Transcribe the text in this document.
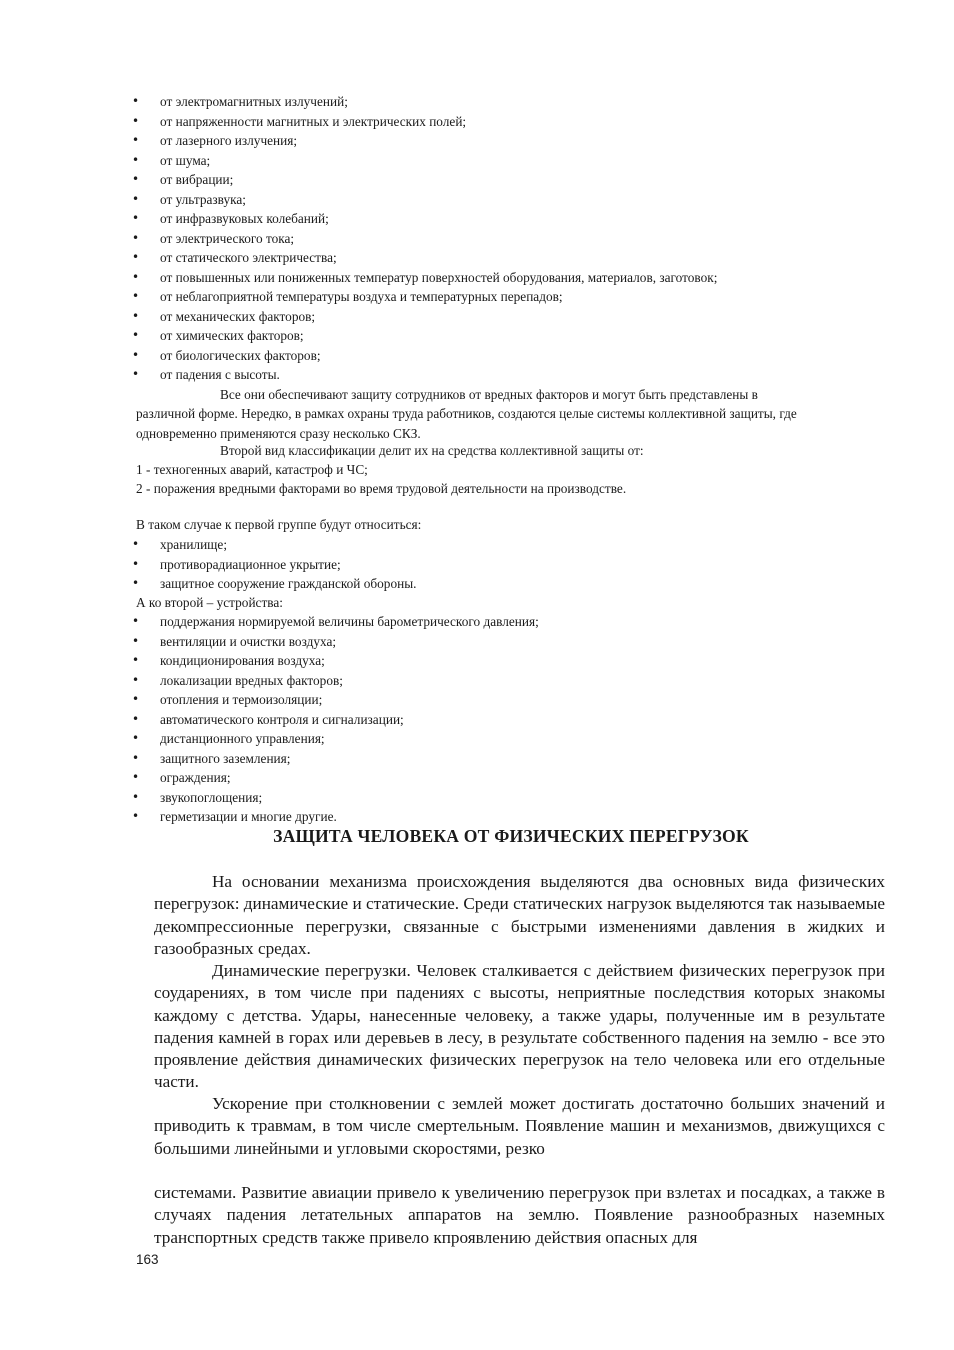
• от электромагнитных излучений;
• от напряженности магнитных и электрических полей;
• от лазерного излучения;
• от шума;
• от вибрации;
• от ультразвука;
• от инфразвуковых колебаний;
• от электрического тока;
• от статического электричества;
• от повышенных или пониженных температур поверхностей оборудования, материалов, заготовок;
• от неблагоприятной температуры воздуха и температурных перепадов;
• от механических факторов;
• от химических факторов;
• от биологических факторов;
• от падения с высоты.
Все они обеспечивают защиту сотрудников от вредных факторов и могут быть представлены в
различной форме. Нередко, в рамках охраны труда работников, создаются целые системы коллективной защиты, где одновременно применяются сразу несколько СКЗ.
Второй вид классификации делит их на средства коллективной защиты от:
1 - техногенных аварий, катастроф и ЧС;
2 - поражения вредными факторами во время трудовой деятельности на производстве.
В таком случае к первой группе будут относиться:
• хранилище;
• противорадиационное укрытие;
• защитное сооружение гражданской обороны.
А ко второй – устройства:
• поддержания нормируемой величины барометрического давления;
• вентиляции и очистки воздуха;
• кондиционирования воздуха;
• локализации вредных факторов;
• отопления и термоизоляции;
• автоматического контроля и сигнализации;
• дистанционного управления;
• защитного заземления;
• ограждения;
• звукопоглощения;
• герметизации и многие другие.
ЗАЩИТА ЧЕЛОВЕКА ОТ ФИЗИЧЕСКИХ ПЕРЕГРУЗОК

На основании механизма происхождения выделяются два основных вида физических перегрузок: динамические и статические. Среди статических нагрузок выделяются так называемые декомпрессионные перегрузки, связанные с быстрыми изменениями давления в жидких и газообразных средах.

Динамические перегрузки. Человек сталкивается с действием физических перегрузок при соударениях, в том числе при падениях с высоты, неприятные последствия которых знакомы каждому с детства. Удары, нанесенные человеку, а также удары, полученные им в результате падения камней в горах или деревьев в лесу, в результате собственного падения на землю - все это проявление действия динамических физических перегрузок на тело человека или его отдельные части.

Ускорение при столкновении с землей может достигать достаточно больших значений и приводить к травмам, в том числе смертельным. Появление машин и механизмов, движущихся с большими линейными и угловыми скоростями, резко

системами. Развитие авиации привело к увеличению перегрузок при взлетах и посадках, а также в случаях падения летательных аппаратов на землю. Появление разнообразных наземных транспортных средств также привело кпроявлению действия опасных для

163
